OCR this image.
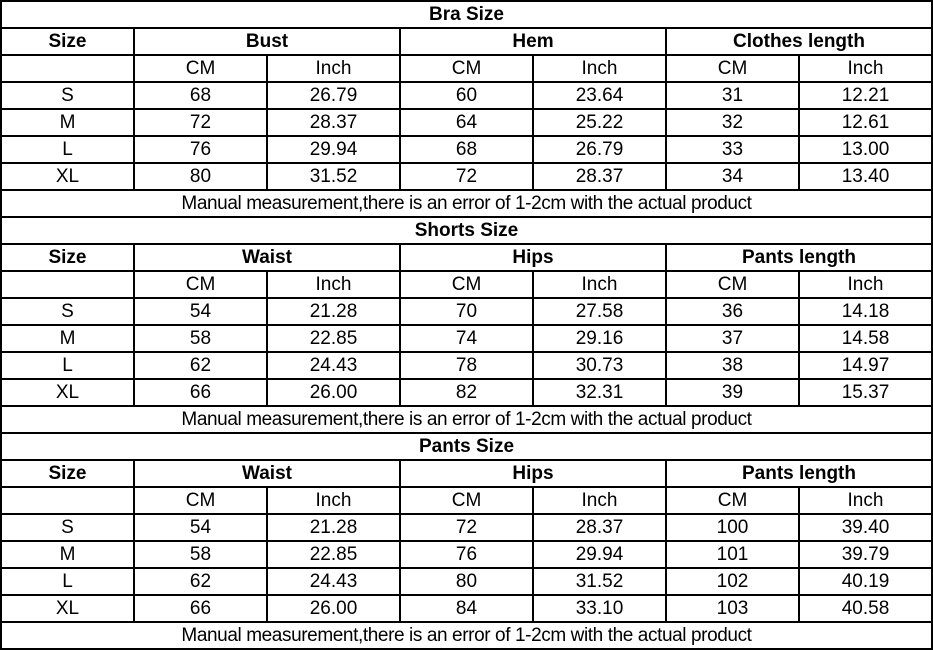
Bra Size						
Size	Bust		Hem		Clothes length	
	CM	Inch	CM	Inch	CM	Inch
S	68	26.79	60	23.64	31	12.21
M	72	28.37	64	25.22	32	12.61
L	76	29.94	68	26.79	33	13.00
XL	80	31.52	72	28.37	34	13.40
Manual measurement,there is an error of 1-2cm with the actual product						
Shorts Size						
Size	Waist		Hips		Pants length	
	CM	Inch	CM	Inch	CM	Inch
S	54	21.28	70	27.58	36	14.18
M	58	22.85	74	29.16	37	14.58
L	62	24.43	78	30.73	38	14.97
XL	66	26.00	82	32.31	39	15.37
Manual measurement,there is an error of 1-2cm with the actual product						
Pants Size						
Size	Waist		Hips		Pants length	
	CM	Inch	CM	Inch	CM	Inch
S	54	21.28	72	28.37	100	39.40
M	58	22.85	76	29.94	101	39.79
L	62	24.43	80	31.52	102	40.19
XL	66	26.00	84	33.10	103	40.58
Manual measurement,there is an error of 1-2cm with the actual product						
